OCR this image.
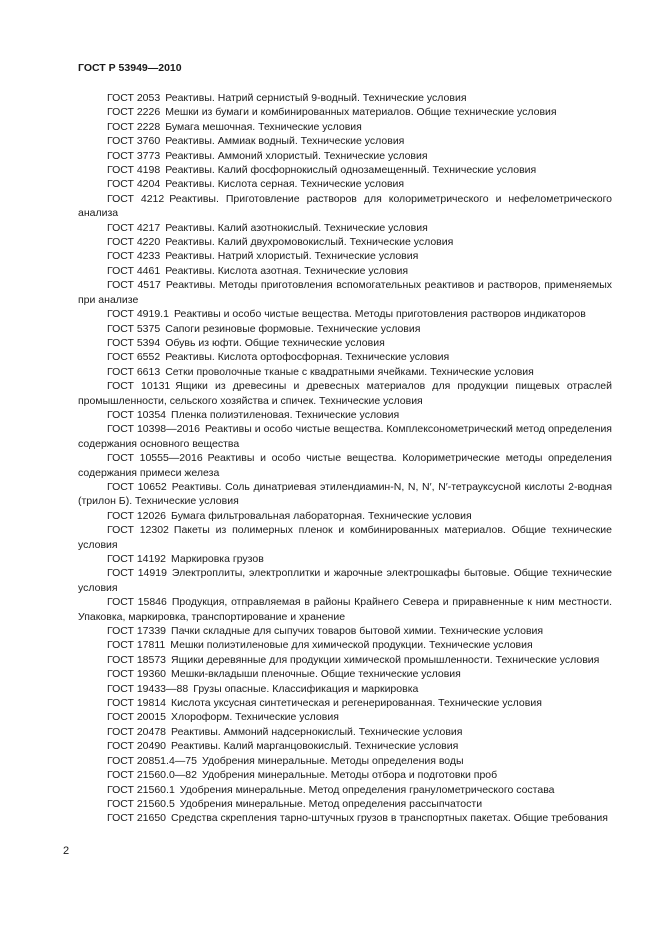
ГОСТ Р 53949—2010
ГОСТ 2053 Реактивы. Натрий сернистый 9-водный. Технические условия
ГОСТ 2226 Мешки из бумаги и комбинированных материалов. Общие технические условия
ГОСТ 2228 Бумага мешочная. Технические условия
ГОСТ 3760 Реактивы. Аммиак водный. Технические условия
ГОСТ 3773 Реактивы. Аммоний хлористый. Технические условия
ГОСТ 4198 Реактивы. Калий фосфорнокислый однозамещенный. Технические условия
ГОСТ 4204 Реактивы. Кислота серная. Технические условия
ГОСТ 4212 Реактивы. Приготовление растворов для колориметрического и нефелометрического анализа
ГОСТ 4217 Реактивы. Калий азотнокислый. Технические условия
ГОСТ 4220 Реактивы. Калий двухромовокислый. Технические условия
ГОСТ 4233 Реактивы. Натрий хлористый. Технические условия
ГОСТ 4461 Реактивы. Кислота азотная. Технические условия
ГОСТ 4517 Реактивы. Методы приготовления вспомогательных реактивов и растворов, применяемых при анализе
ГОСТ 4919.1 Реактивы и особо чистые вещества. Методы приготовления растворов индикаторов
ГОСТ 5375 Сапоги резиновые формовые. Технические условия
ГОСТ 5394 Обувь из юфти. Общие технические условия
ГОСТ 6552 Реактивы. Кислота ортофосфорная. Технические условия
ГОСТ 6613 Сетки проволочные тканые с квадратными ячейками. Технические условия
ГОСТ 10131 Ящики из древесины и древесных материалов для продукции пищевых отраслей промышленности, сельского хозяйства и спичек. Технические условия
ГОСТ 10354 Пленка полиэтиленовая. Технические условия
ГОСТ 10398—2016 Реактивы и особо чистые вещества. Комплексонометрический метод определения содержания основного вещества
ГОСТ 10555—2016 Реактивы и особо чистые вещества. Колориметрические методы определения содержания примеси железа
ГОСТ 10652 Реактивы. Соль динатриевая этилендиамин-N, N, N′, N′-тетрауксусной кислоты 2-водная (трилон Б). Технические условия
ГОСТ 12026 Бумага фильтровальная лабораторная. Технические условия
ГОСТ 12302 Пакеты из полимерных пленок и комбинированных материалов. Общие технические условия
ГОСТ 14192 Маркировка грузов
ГОСТ 14919 Электроплиты, электроплитки и жарочные электрошкафы бытовые. Общие технические условия
ГОСТ 15846 Продукция, отправляемая в районы Крайнего Севера и приравненные к ним местности. Упаковка, маркировка, транспортирование и хранение
ГОСТ 17339 Пачки складные для сыпучих товаров бытовой химии. Технические условия
ГОСТ 17811 Мешки полиэтиленовые для химической продукции. Технические условия
ГОСТ 18573 Ящики деревянные для продукции химической промышленности. Технические условия
ГОСТ 19360 Мешки-вкладыши пленочные. Общие технические условия
ГОСТ 19433—88 Грузы опасные. Классификация и маркировка
ГОСТ 19814 Кислота уксусная синтетическая и регенерированная. Технические условия
ГОСТ 20015 Хлороформ. Технические условия
ГОСТ 20478 Реактивы. Аммоний надсернокислый. Технические условия
ГОСТ 20490 Реактивы. Калий марганцовокислый. Технические условия
ГОСТ 20851.4—75 Удобрения минеральные. Методы определения воды
ГОСТ 21560.0—82 Удобрения минеральные. Методы отбора и подготовки проб
ГОСТ 21560.1 Удобрения минеральные. Метод определения гранулометрического состава
ГОСТ 21560.5 Удобрения минеральные. Метод определения рассыпчатости
ГОСТ 21650 Средства скрепления тарно-штучных грузов в транспортных пакетах. Общие требования
2
